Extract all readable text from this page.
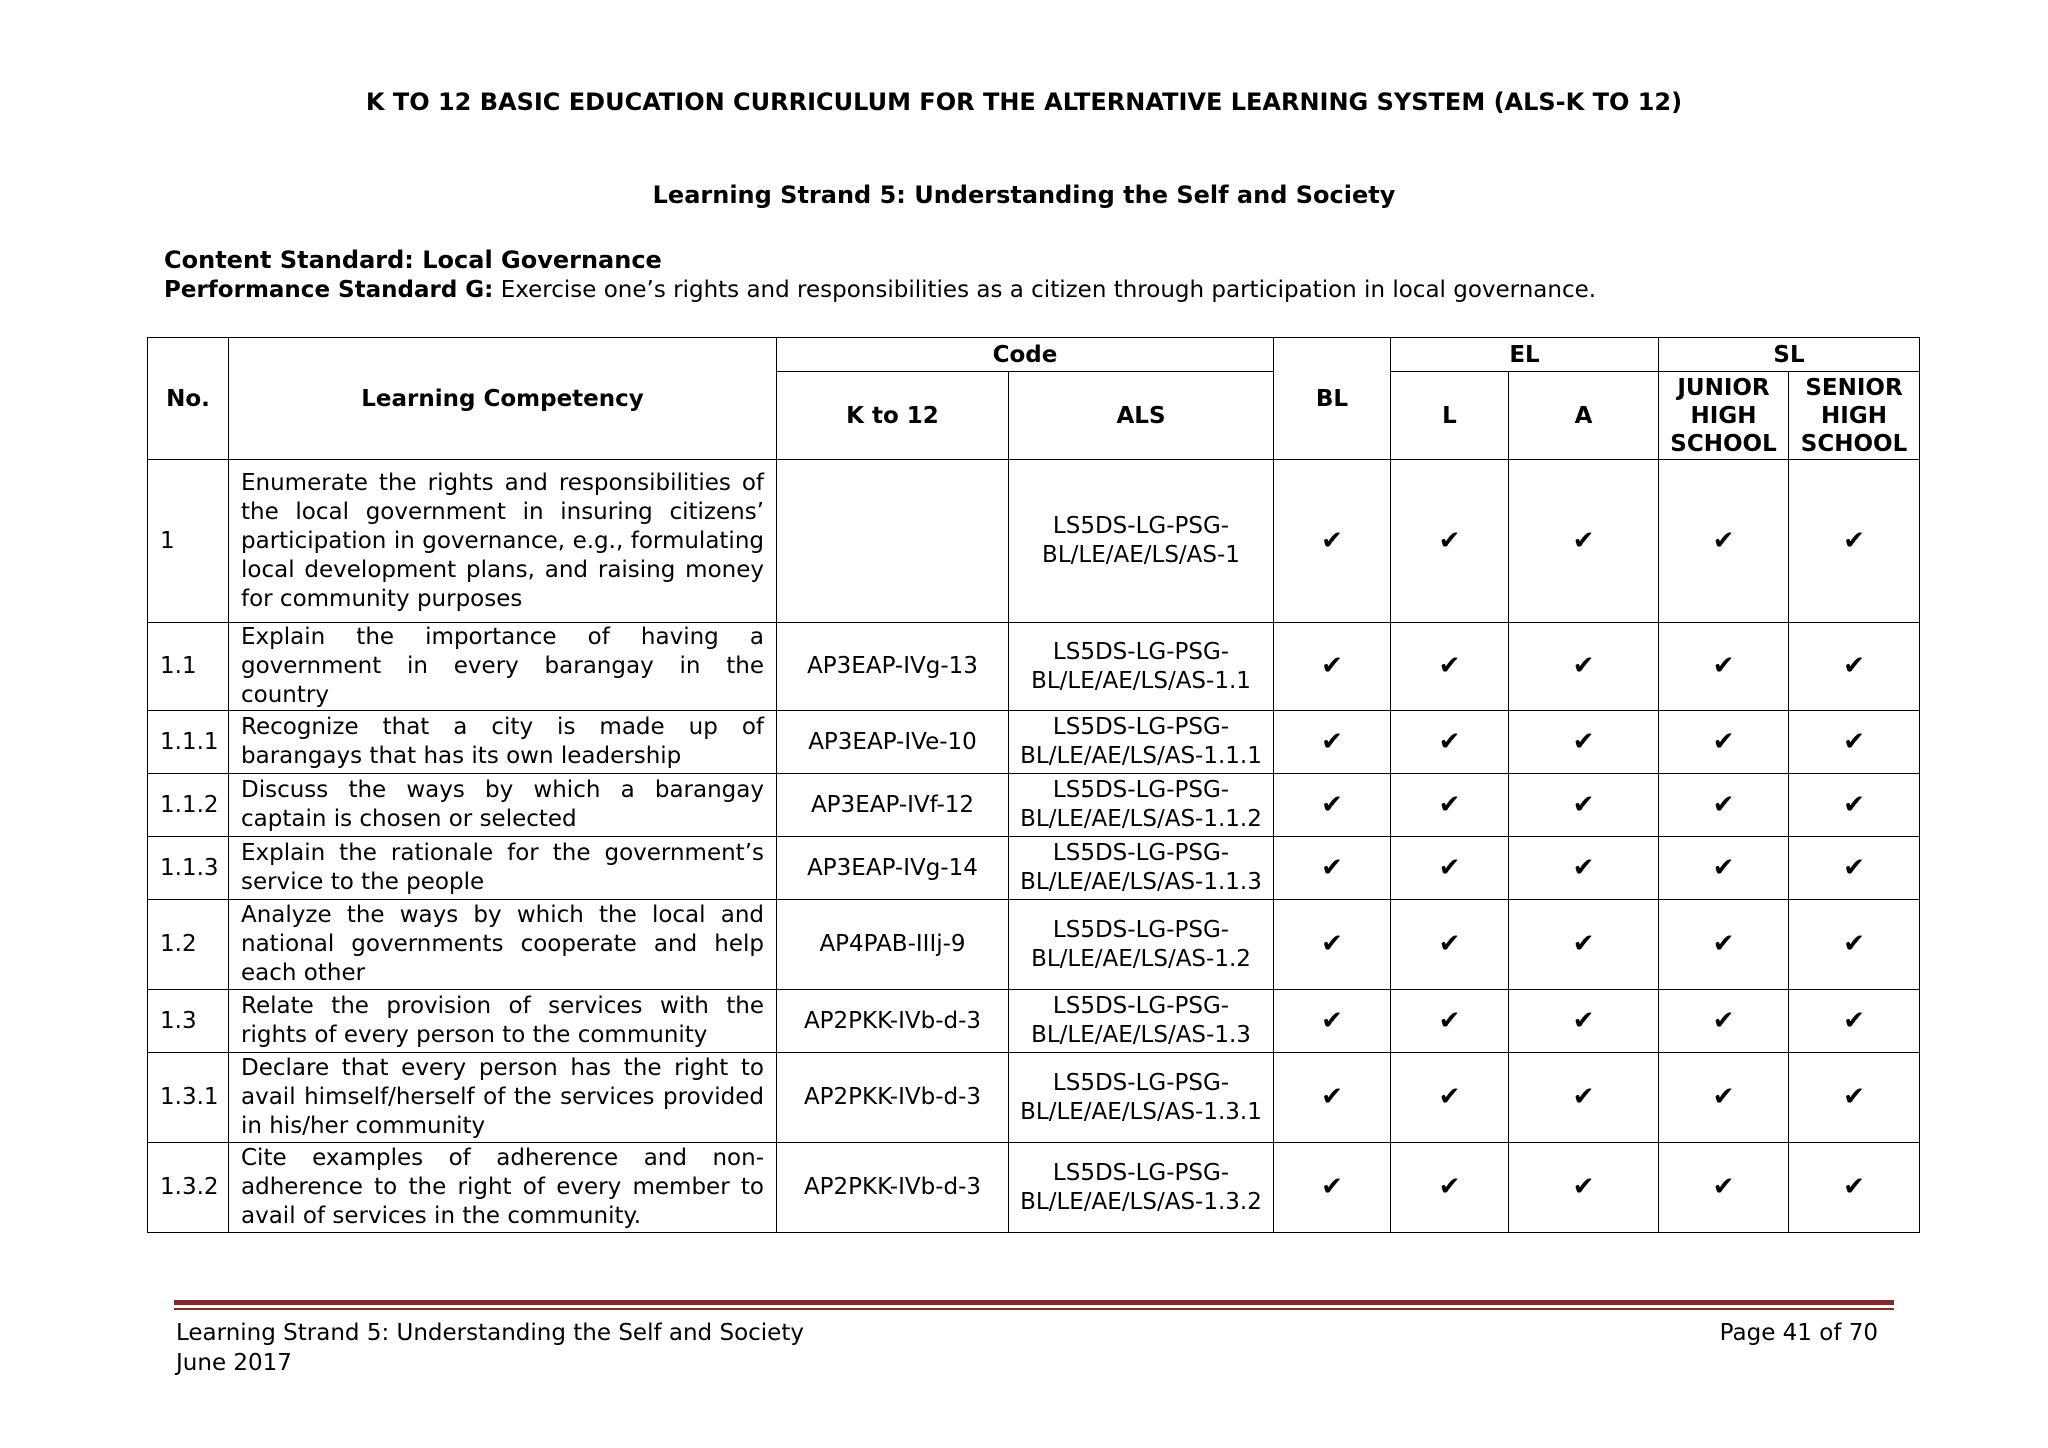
K TO 12 BASIC EDUCATION CURRICULUM FOR THE ALTERNATIVE LEARNING SYSTEM (ALS-K TO 12)
Learning Strand 5: Understanding the Self and Society
Content Standard: Local Governance
Performance Standard G: Exercise one’s rights and responsibilities as a citizen through participation in local governance.
No.	Learning Competency	Code		BL	EL		SL	
		K to 12	ALS		L	A	JUNIOR HIGH SCHOOL	SENIOR HIGH SCHOOL
1	Enumerate the rights and responsibilities of the local government in insuring citizens’ participation in governance, e.g., formulating local development plans, and raising money for community purposes		LS5DS-LG-PSG-
BL/LE/AE/LS/AS-1	✔	✔	✔	✔	✔
1.1	Explain the importance of having a government in every barangay in the country	AP3EAP-IVg-13	LS5DS-LG-PSG-
BL/LE/AE/LS/AS-1.1	✔	✔	✔	✔	✔
1.1.1	Recognize that a city is made up of barangays that has its own leadership	AP3EAP-IVe-10	LS5DS-LG-PSG-
BL/LE/AE/LS/AS-1.1.1	✔	✔	✔	✔	✔
1.1.2	Discuss the ways by which a barangay captain is chosen or selected	AP3EAP-IVf-12	LS5DS-LG-PSG-
BL/LE/AE/LS/AS-1.1.2	✔	✔	✔	✔	✔
1.1.3	Explain the rationale for the government’s service to the people	AP3EAP-IVg-14	LS5DS-LG-PSG-
BL/LE/AE/LS/AS-1.1.3	✔	✔	✔	✔	✔
1.2	Analyze the ways by which the local and national governments cooperate and help each other	AP4PAB-IIIj-9	LS5DS-LG-PSG-
BL/LE/AE/LS/AS-1.2	✔	✔	✔	✔	✔
1.3	Relate the provision of services with the rights of every person to the community	AP2PKK-IVb-d-3	LS5DS-LG-PSG-
BL/LE/AE/LS/AS-1.3	✔	✔	✔	✔	✔
1.3.1	Declare that every person has the right to avail himself/herself of the services provided in his/her community	AP2PKK-IVb-d-3	LS5DS-LG-PSG-
BL/LE/AE/LS/AS-1.3.1	✔	✔	✔	✔	✔
1.3.2	Cite examples of adherence and non-adherence to the right of every member to avail of services in the community.	AP2PKK-IVb-d-3	LS5DS-LG-PSG-
BL/LE/AE/LS/AS-1.3.2	✔	✔	✔	✔	✔
Learning Strand 5: Understanding the Self and Society
June 2017
Page 41 of 70
